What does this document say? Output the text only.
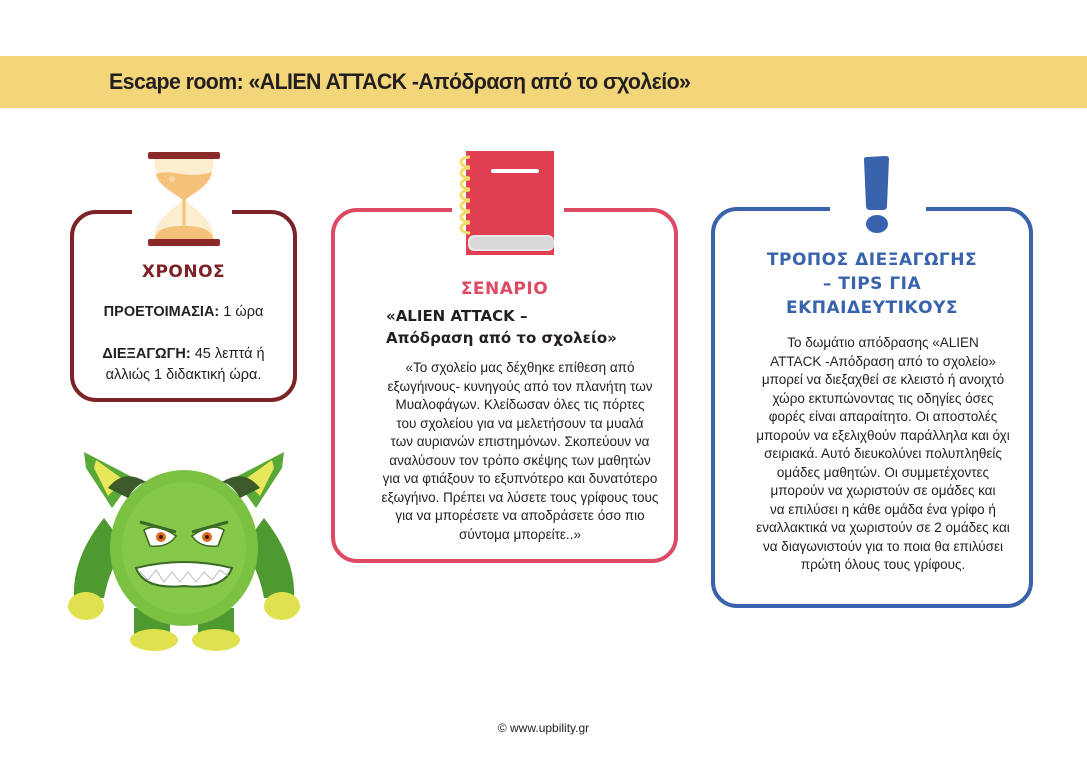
Escape room: «ALIEN ATTACK -Απόδραση από το σχολείο»
ΧΡΟΝΟΣ
ΠΡΟΕΤΟΙΜΑΣΙΑ: 1 ώρα
ΔΙΕΞΑΓΩΓΗ: 45 λεπτά ή
αλλιώς 1 διδακτική ώρα.
ΣΕΝΑΡΙΟ
«ALIEN ATTACK –
Απόδραση από το σχολείο»
«Το σχολείο μας δέχθηκε επίθεση από
εξωγήινους- κυνηγούς από τον πλανήτη των
Μυαλοφάγων. Κλείδωσαν όλες τις πόρτες
του σχολείου για να μελετήσουν τα μυαλά
των αυριανών επιστημόνων. Σκοπεύουν να
αναλύσουν τον τρόπο σκέψης των μαθητών
για να φτιάξουν το εξυπνότερο και δυνατότερο
εξωγήινο. Πρέπει να λύσετε τους γρίφους τους
για να μπορέσετε να αποδράσετε όσο πιο
σύντομα μπορείτε..»
ΤΡΟΠΟΣ ΔΙΕΞΑΓΩΓΗΣ
– TIPS ΓΙΑ
ΕΚΠΑΙΔΕΥΤΙΚΟΥΣ
Το δωμάτιο απόδρασης «ALIEN
ATTACK -Απόδραση από το σχολείο»
μπορεί να διεξαχθεί σε κλειστό ή ανοιχτό
χώρο εκτυπώνοντας τις οδηγίες όσες
φορές είναι απαραίτητο. Οι αποστολές
μπορούν να εξελιχθούν παράλληλα και όχι
σειριακά. Αυτό διευκολύνει πολυπληθείς
ομάδες μαθητών. Οι συμμετέχοντες
μπορούν να χωριστούν σε ομάδες και
να επιλύσει η κάθε ομάδα ένα γρίφο ή
εναλλακτικά να χωριστούν σε 2 ομάδες και
να διαγωνιστούν για το ποια θα επιλύσει
πρώτη όλους τους γρίφους.
© www.upbility.gr
